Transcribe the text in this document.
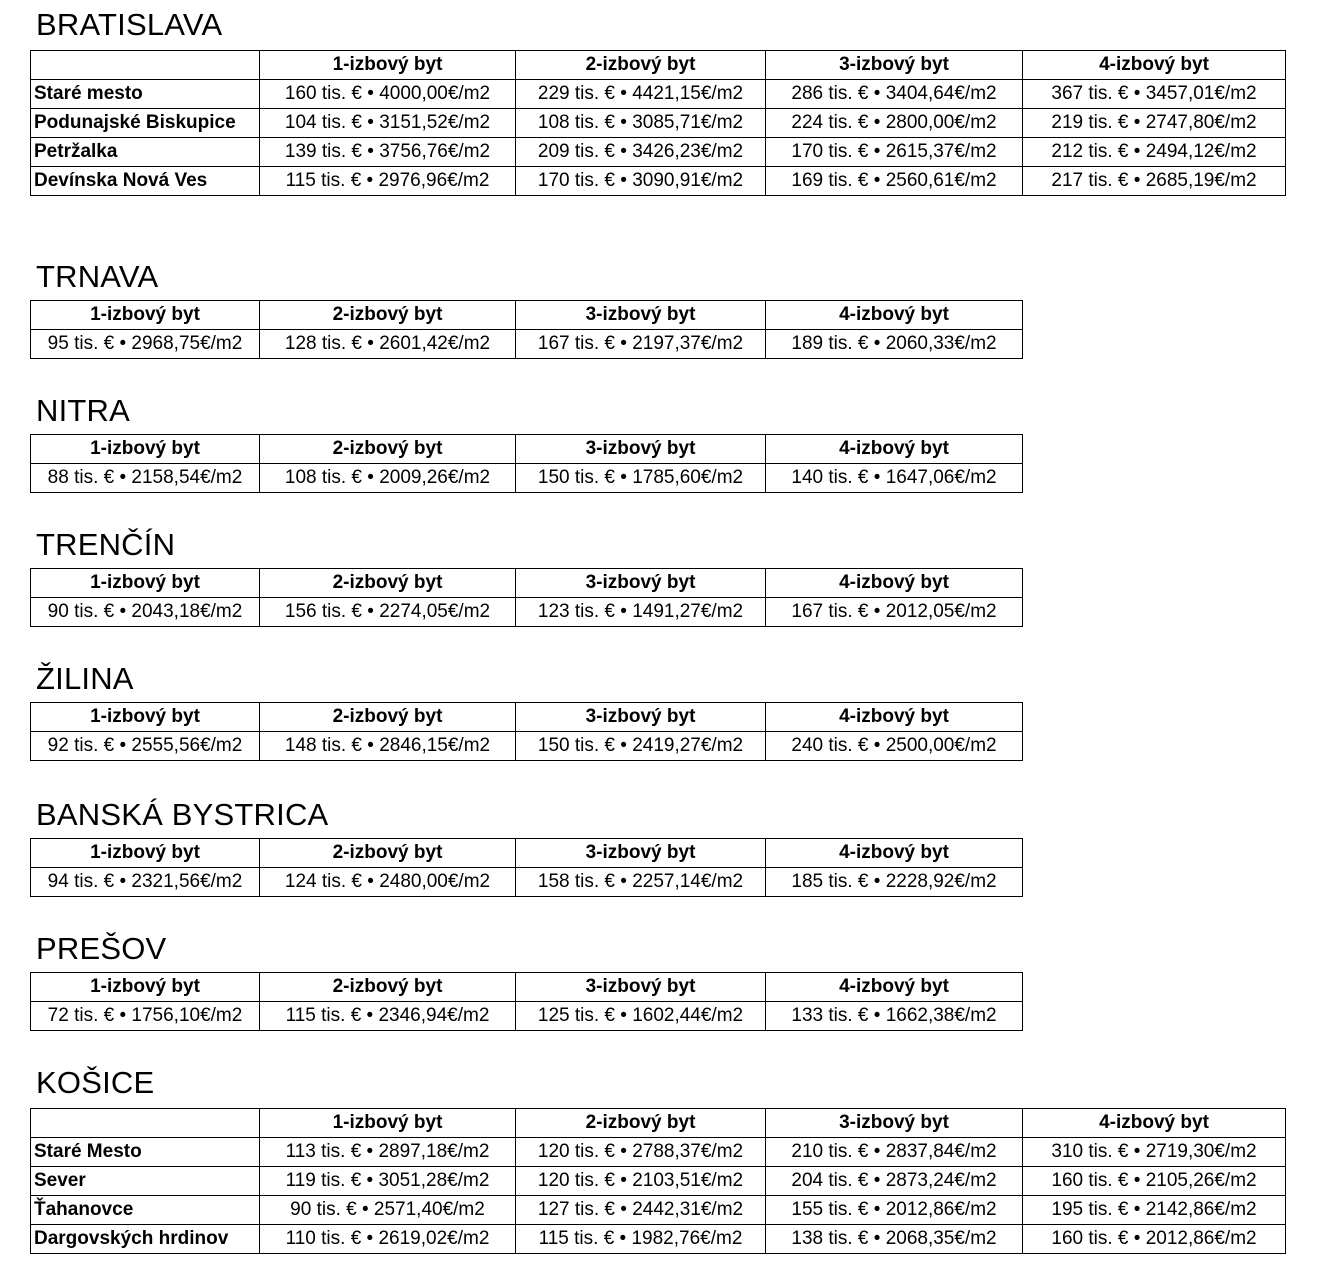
BRATISLAVA
	1-izbový byt	2-izbový byt	3-izbový byt	4-izbový byt
Staré mesto	160 tis. € • 4000,00€/m2	229 tis. € • 4421,15€/m2	286 tis. € • 3404,64€/m2	367 tis. € • 3457,01€/m2
Podunajské Biskupice	104 tis. € • 3151,52€/m2	108 tis. € • 3085,71€/m2	224 tis. € • 2800,00€/m2	219 tis. € • 2747,80€/m2
Petržalka	139 tis. € • 3756,76€/m2	209 tis. € • 3426,23€/m2	170 tis. € • 2615,37€/m2	212 tis. € • 2494,12€/m2
Devínska Nová Ves	115 tis. € • 2976,96€/m2	170 tis. € • 3090,91€/m2	169 tis. € • 2560,61€/m2	217 tis. € • 2685,19€/m2
TRNAVA
1-izbový byt	2-izbový byt	3-izbový byt	4-izbový byt
95 tis. € • 2968,75€/m2	128 tis. € • 2601,42€/m2	167 tis. € • 2197,37€/m2	189 tis. € • 2060,33€/m2
NITRA
1-izbový byt	2-izbový byt	3-izbový byt	4-izbový byt
88 tis. € • 2158,54€/m2	108 tis. € • 2009,26€/m2	150 tis. € • 1785,60€/m2	140 tis. € • 1647,06€/m2
TRENČÍN
1-izbový byt	2-izbový byt	3-izbový byt	4-izbový byt
90 tis. € • 2043,18€/m2	156 tis. € • 2274,05€/m2	123 tis. € • 1491,27€/m2	167 tis. € • 2012,05€/m2
ŽILINA
1-izbový byt	2-izbový byt	3-izbový byt	4-izbový byt
92 tis. € • 2555,56€/m2	148 tis. € • 2846,15€/m2	150 tis. € • 2419,27€/m2	240 tis. € • 2500,00€/m2
BANSKÁ BYSTRICA
1-izbový byt	2-izbový byt	3-izbový byt	4-izbový byt
94 tis. € • 2321,56€/m2	124 tis. € • 2480,00€/m2	158 tis. € • 2257,14€/m2	185 tis. € • 2228,92€/m2
PREŠOV
1-izbový byt	2-izbový byt	3-izbový byt	4-izbový byt
72 tis. € • 1756,10€/m2	115 tis. € • 2346,94€/m2	125 tis. € • 1602,44€/m2	133 tis. € • 1662,38€/m2
KOŠICE
	1-izbový byt	2-izbový byt	3-izbový byt	4-izbový byt
Staré Mesto	113 tis. € • 2897,18€/m2	120 tis. € • 2788,37€/m2	210 tis. € • 2837,84€/m2	310 tis. € • 2719,30€/m2
Sever	119 tis. € • 3051,28€/m2	120 tis. € • 2103,51€/m2	204 tis. € • 2873,24€/m2	160 tis. € • 2105,26€/m2
Ťahanovce	90 tis. € • 2571,40€/m2	127 tis. € • 2442,31€/m2	155 tis. € • 2012,86€/m2	195 tis. € • 2142,86€/m2
Dargovských hrdinov	110 tis. € • 2619,02€/m2	115 tis. € • 1982,76€/m2	138 tis. € • 2068,35€/m2	160 tis. € • 2012,86€/m2
